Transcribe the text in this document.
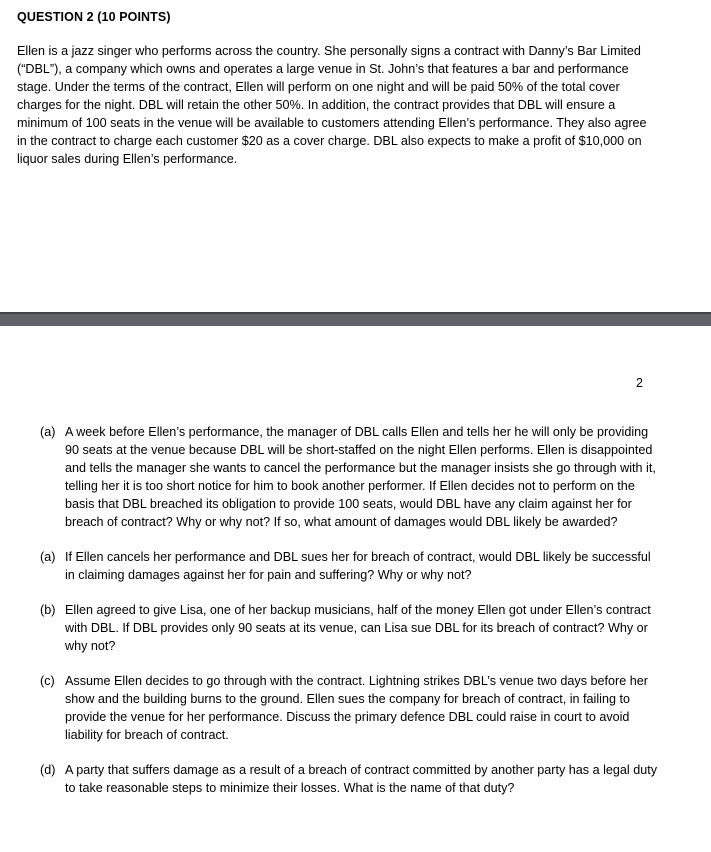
QUESTION 2 (10 POINTS)

Ellen is a jazz singer who performs across the country. She personally signs a contract with Danny’s Bar Limited (“DBL”), a company which owns and operates a large venue in St. John’s that features a bar and performance stage. Under the terms of the contract, Ellen will perform on one night and will be paid 50% of the total cover charges for the night. DBL will retain the other 50%. In addition, the contract provides that DBL will ensure a minimum of 100 seats in the venue will be available to customers attending Ellen’s performance. They also agree in the contract to charge each customer $20 as a cover charge. DBL also expects to make a profit of $10,000 on liquor sales during Ellen’s performance.

2
(a) A week before Ellen’s performance, the manager of DBL calls Ellen and tells her he will only be providing 90 seats at the venue because DBL will be short-staffed on the night Ellen performs. Ellen is disappointed and tells the manager she wants to cancel the performance but the manager insists she go through with it, telling her it is too short notice for him to book another performer. If Ellen decides not to perform on the basis that DBL breached its obligation to provide 100 seats, would DBL have any claim against her for breach of contract? Why or why not? If so, what amount of damages would DBL likely be awarded?
(a) If Ellen cancels her performance and DBL sues her for breach of contract, would DBL likely be successful in claiming damages against her for pain and suffering? Why or why not?
(b) Ellen agreed to give Lisa, one of her backup musicians, half of the money Ellen got under Ellen’s contract with DBL. If DBL provides only 90 seats at its venue, can Lisa sue DBL for its breach of contract? Why or why not?
(c) Assume Ellen decides to go through with the contract. Lightning strikes DBL’s venue two days before her show and the building burns to the ground. Ellen sues the company for breach of contract, in failing to provide the venue for her performance. Discuss the primary defence DBL could raise in court to avoid liability for breach of contract.
(d) A party that suffers damage as a result of a breach of contract committed by another party has a legal duty to take reasonable steps to minimize their losses. What is the name of that duty?
